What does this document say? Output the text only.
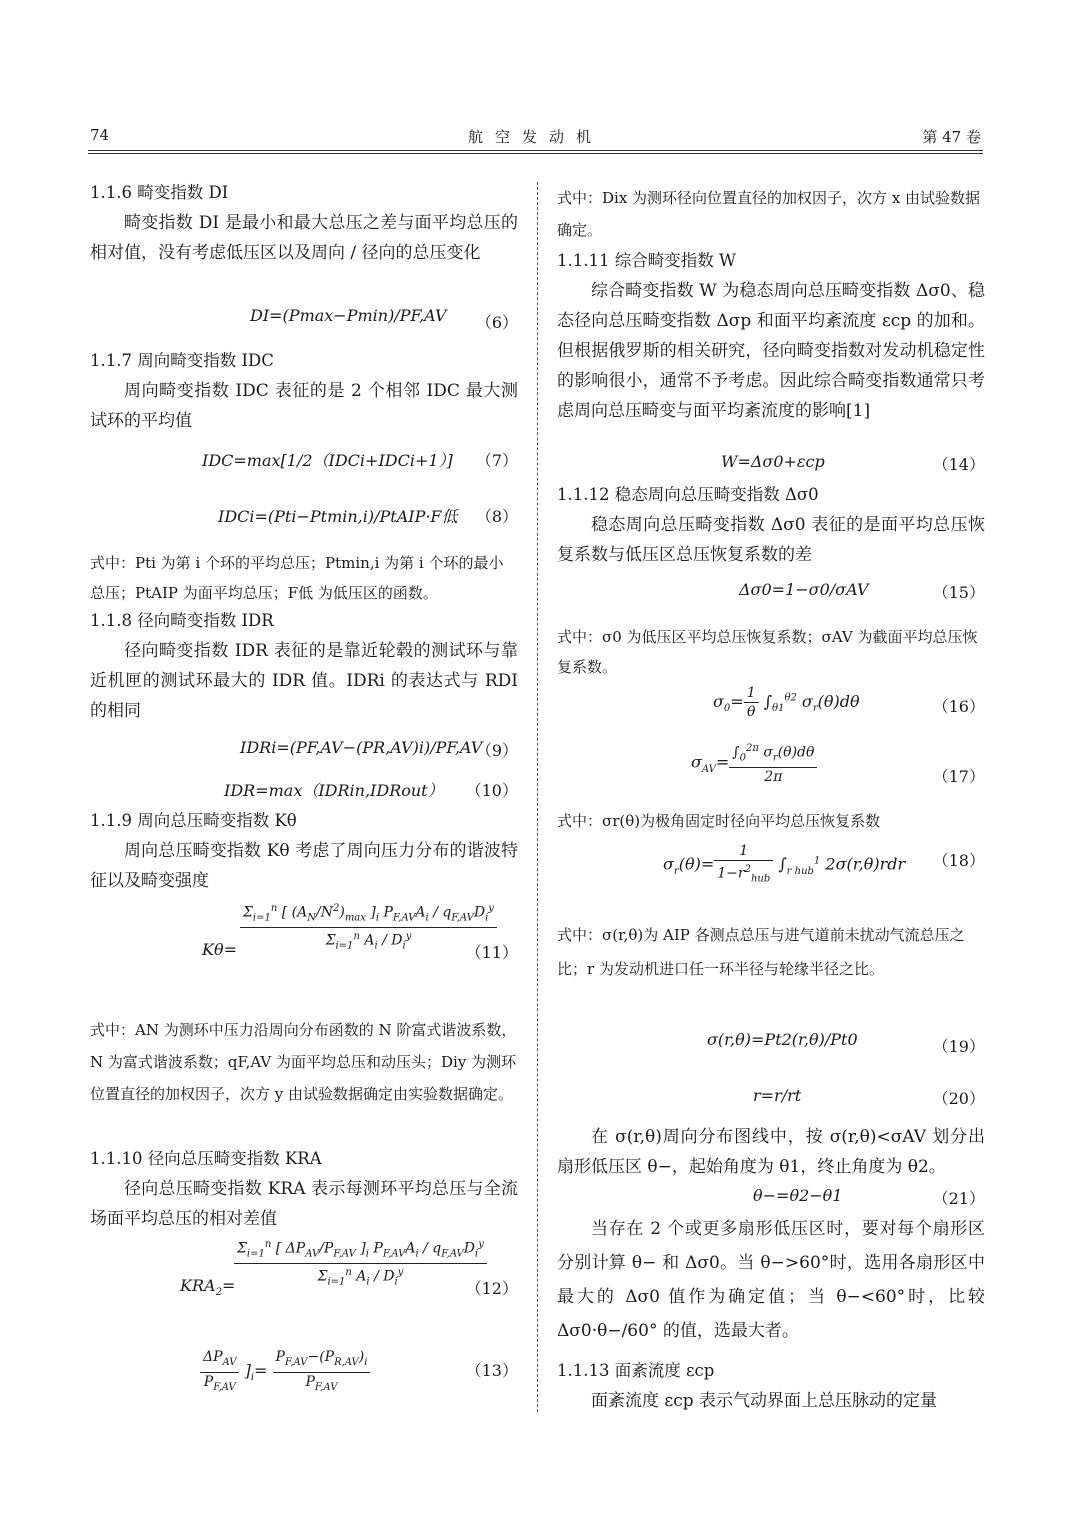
74	航空发动机	第 47 卷
1.1.6 畸变指数 DI
畸变指数 DI 是最小和最大总压之差与面平均总压的相对值，没有考虑低压区以及周向 / 径向的总压变化
DI=(Pmax−Pmin)/PF,AV （6）
1.1.7 周向畸变指数 IDC
周向畸变指数 IDC 表征的是 2 个相邻 IDC 最大测试环的平均值
IDC=max[1/2（IDCi+IDCi+1）] （7）
IDCi=(Pti−Ptmin,i)/PtAIP·F低 （8）
式中：Pti 为第 i 个环的平均总压；Ptmin,i 为第 i 个环的最小总压；PtAIP 为面平均总压；F低 为低压区的函数。
1.1.8 径向畸变指数 IDR
径向畸变指数 IDR 表征的是靠近轮毂的测试环与靠近机匣的测试环最大的 IDR 值。IDRi 的表达式与 RDI 的相同
IDRi=(PF,AV−(PR,AV)i)/PF,AV
（9）
IDR=max（IDRin,IDRout） （10）
1.1.9 周向总压畸变指数 Kθ
周向总压畸变指数 Kθ 考虑了周向压力分布的谐波特征以及畸变强度
$K\theta= \frac{\Sigma_{i=1}^n [ (A_N/N^2)_{max} ]_i P_{F,AV}A_i / q_{F,AV}D_i^y}{\Sigma_{i=1}^n A_i / D_i^y}$
（11）
式中：AN 为测环中压力沿周向分布函数的 N 阶富式谐波系数，N 为富式谐波系数；qF,AV 为面平均总压和动压头；Diy 为测环位置直径的加权因子，次方 y 由试验数据确定由实验数据确定。
1.1.10 径向总压畸变指数 KRA
径向总压畸变指数 KRA 表示每测环平均总压与全流场面平均总压的相对差值
$KRA_2=$
$\frac{\Sigma_{i=1}^n [ \Delta P_{AV}/P_{F,AV} ]_i P_{F,AV}A_i / q_{F,AV}D_i^y}{\Sigma_{i=1}^n A_i / D_i^y}$
（12）
$\frac{\Delta P_{AV}}{P_{F,AV}} ]_i= \frac{P_{F,AV}-(P_{R,AV})_i}{P_{F,AV}}$	（13）
式中：Dix 为测环径向位置直径的加权因子，次方 x 由试验数据确定。
1.1.11 综合畸变指数 W
综合畸变指数 W 为稳态周向总压畸变指数 Δσ0、稳态径向总压畸变指数 Δσp 和面平均紊流度 εcp 的加和。但根据俄罗斯的相关研究，径向畸变指数对发动机稳定性的影响很小，通常不予考虑。因此综合畸变指数通常只考虑周向总压畸变与面平均紊流度的影响[1]
W=Δσ0+εcp	（14）
1.1.12 稳态周向总压畸变指数 Δσ0
稳态周向总压畸变指数 Δσ0 表征的是面平均总压恢复系数与低压区总压恢复系数的差
Δσ0=1−σ0/σAV	（15）
式中：σ0 为低压区平均总压恢复系数；σAV 为截面平均总压恢复系数。
$\sigma_0= \frac{1}{\theta} \int_{\theta 1}^{\theta 2}$ $\sigma_r(\theta)d\theta$	（16）
$\sigma_{AV}= \frac{\int_0^{2\pi} \sigma_r(\theta)d\theta}{2\pi}$	（17）
式中：σr(θ)为极角固定时径向平均总压恢复系数
$\sigma_r(\theta)= \frac{1}{1-r^2_{hub}} \int_{r hub}^1$ 2σ(r,θ)rdr （18）
式中：σ(r,θ)为 AIP 各测点总压与进气道前未扰动气流总压之比；r 为发动机进口任一环半径与轮缘半径之比。
σ(r,θ)=Pt2(r,θ)/Pt0	（19）
r=r/rt	（20）
在 σ(r,θ)周向分布图线中，按 σ(r,θ)<σAV 划分出扇形低压区 θ−，起始角度为 θ1，终止角度为 θ2。
θ−=θ2−θ1	（21）
当存在 2 个或更多扇形低压区时，要对每个扇形区分别计算 θ− 和 Δσ0。当 θ−>60°时，选用各扇形区中最大的 Δσ0 值作为确定值；当 θ−<60°时，比较 Δσ0·θ−/60° 的值，选最大者。
1.1.13 面紊流度 εcp
面紊流度 εcp 表示气动界面上总压脉动的定量
